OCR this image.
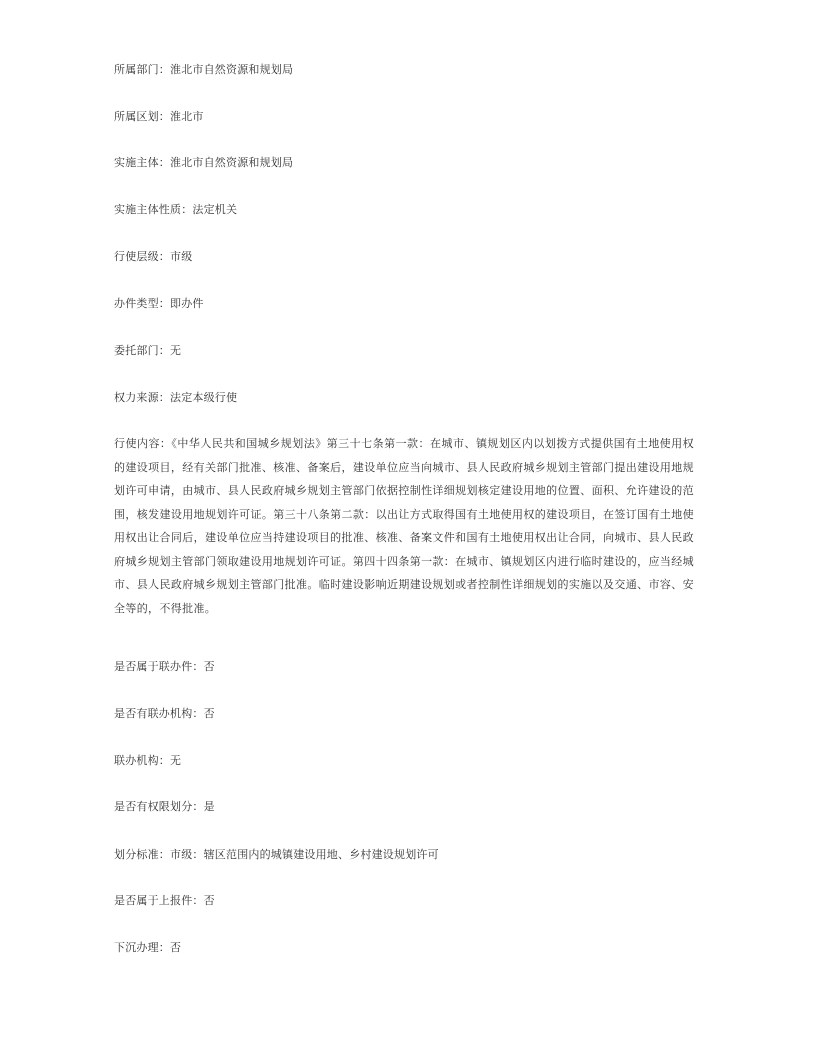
所属部门：淮北市自然资源和规划局
所属区划：淮北市
实施主体：淮北市自然资源和规划局
实施主体性质：法定机关
行使层级：市级
办件类型：即办件
委托部门：无
权力来源：法定本级行使
行使内容：《中华人民共和国城乡规划法》第三十七条第一款：在城市、镇规划区内以划拨方式提供国有土地使用权的建设项目，经有关部门批准、核准、备案后，建设单位应当向城市、县人民政府城乡规划主管部门提出建设用地规划许可申请，由城市、县人民政府城乡规划主管部门依据控制性详细规划核定建设用地的位置、面积、允许建设的范围，核发建设用地规划许可证。第三十八条第二款：以出让方式取得国有土地使用权的建设项目，在签订国有土地使用权出让合同后，建设单位应当持建设项目的批准、核准、备案文件和国有土地使用权出让合同，向城市、县人民政府城乡规划主管部门领取建设用地规划许可证。第四十四条第一款：在城市、镇规划区内进行临时建设的，应当经城市、县人民政府城乡规划主管部门批准。临时建设影响近期建设规划或者控制性详细规划的实施以及交通、市容、安全等的，不得批准。
是否属于联办件：否
是否有联办机构：否
联办机构：无
是否有权限划分：是
划分标准：市级：辖区范围内的城镇建设用地、乡村建设规划许可
是否属于上报件：否
下沉办理：否
